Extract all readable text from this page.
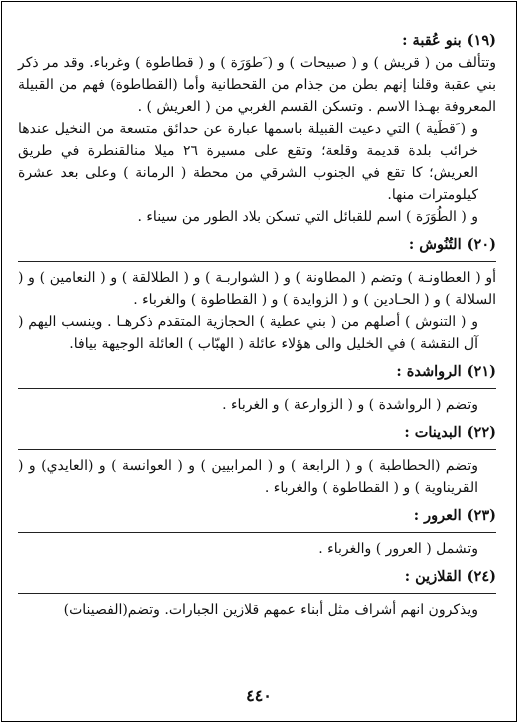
(١٩) بنو عُقبة :

وتتألف من ( قريش ) و ( صبيحات ) و ( َطوَرَة ) و ( قطاطوة ) وغرباء. وقد مر ذكر بني عقبة وقلنا إنهم بطن من جذام من القحطانية وأما (القطاطوة) فهم من القبيلة المعروفة بهـذا الاسم . وتسكن القسم الغربي من ( العريش ) .

و ( َقطَية ) التي دعيت القبيلة باسمها عبارة عن حدائق متسعة من النخيل عندها خرائب بلدة قديمة وقلعة؛ وتقع على مسيرة ٢٦ ميلا منالقنطرة في طريق العريش؛ كا تقع في الجنوب الشرقي من محطة ( الرمانة ) وعلى بعد عشرة كيلومترات منها.

و ( الطُوَرَة ) اسم للقبائل التي تسكن بلاد الطور من سيناء .

(٢٠) التُنُوش :

أو ( العطاونـة ) وتضم ( المطاونة ) و ( الشواربـة ) و ( الطلالقة ) و ( النعامين ) و ( السلالة ) و ( الحـادين ) و ( الزوايدة ) و ( القطاطوة ) والغرباء .

و ( التنوش ) أصلهم من ( بني عطية ) الحجازية المتقدم ذكرهـا . وينسب اليهم ( آل النقشة ) في الخليل والى هؤلاء عائلة ( الهبّاب ) العائلة الوجيهة بيافا.

(٢١) الرواشدة :

وتضم ( الرواشدة ) و ( الزوارعة ) و الغرباء .

(٢٢) البدينات :

وتضم (الحطاطبة ) و ( الرابعة ) و ( المرابيين ) و ( العوانسة ) و (العايدي) و ( القريناوية ) و ( القطاطوة ) والغرباء .

(٢٣) العرور :

وتشمل ( العرور ) والغرباء .

(٢٤) القلازين :

ويذكرون انهم أشراف مثل أبناء عمهم قلازين الجبارات. وتضم(الفصينات)

٤٤٠
